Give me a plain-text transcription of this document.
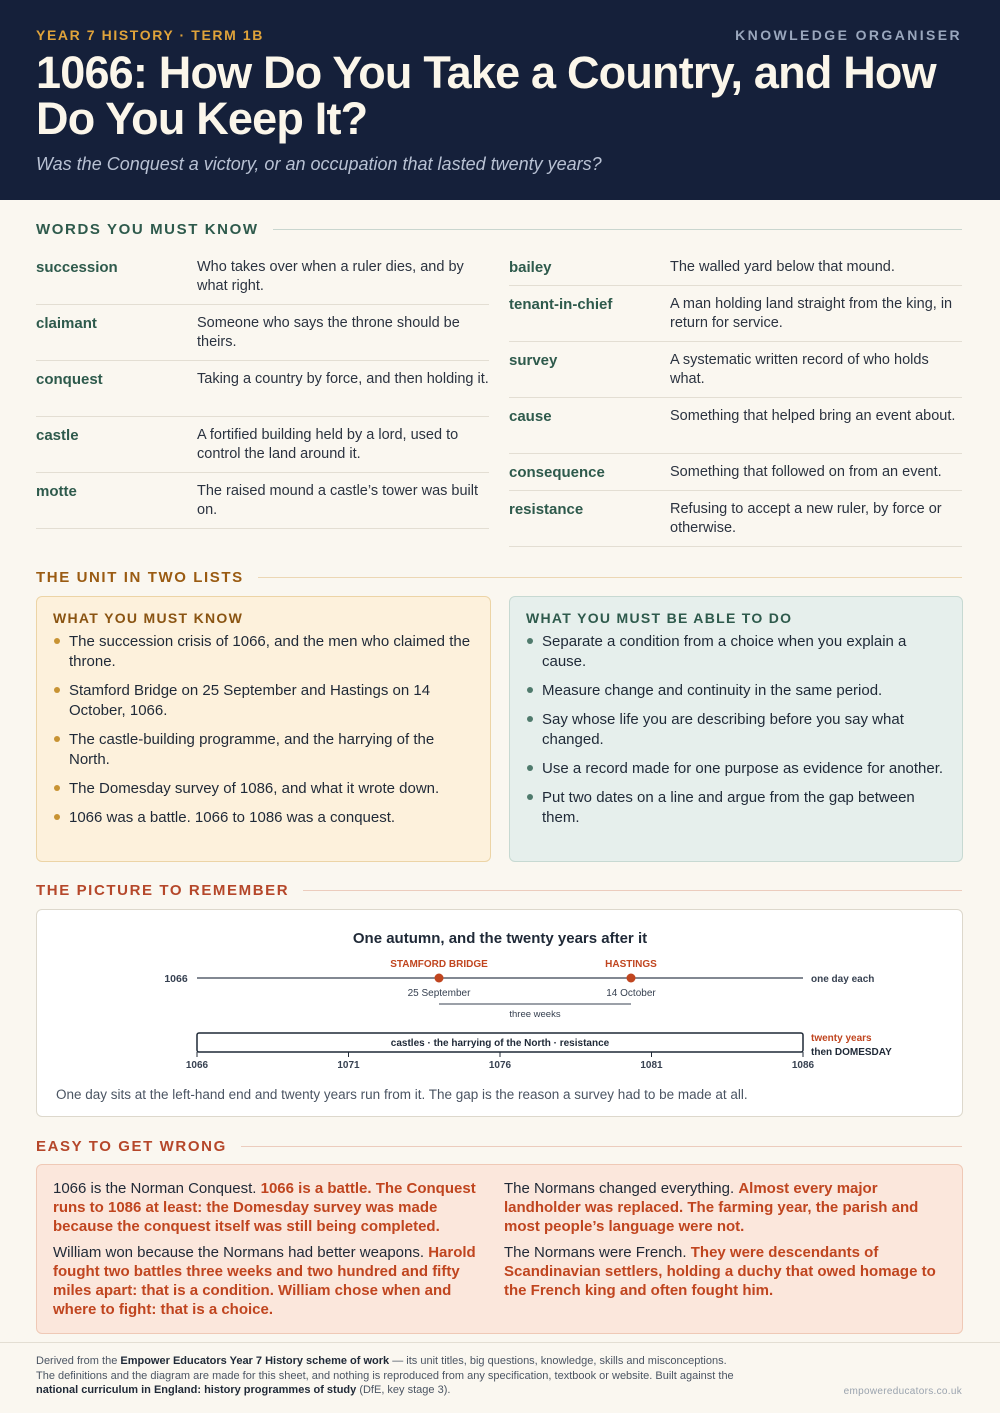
YEAR 7 HISTORY · TERM 1B	KNOWLEDGE ORGANISER
1066: How Do You Take a Country, and How Do You Keep It?
Was the Conquest a victory, or an occupation that lasted twenty years?
WORDS YOU MUST KNOW
succession	Who takes over when a ruler dies, and by what right.
claimant	Someone who says the throne should be theirs.
conquest	Taking a country by force, and then holding it.
castle	A fortified building held by a lord, used to control the land around it.
motte	The raised mound a castle’s tower was built on.
bailey	The walled yard below that mound.
tenant-in-chief	A man holding land straight from the king, in return for service.
survey	A systematic written record of who holds what.
cause	Something that helped bring an event about.
consequence	Something that followed on from an event.
resistance	Refusing to accept a new ruler, by force or otherwise.
THE UNIT IN TWO LISTS
WHAT YOU MUST KNOW
The succession crisis of 1066, and the men who claimed the throne.
Stamford Bridge on 25 September and Hastings on 14 October, 1066.
The castle-building programme, and the harrying of the North.
The Domesday survey of 1086, and what it wrote down.
1066 was a battle. 1066 to 1086 was a conquest.
WHAT YOU MUST BE ABLE TO DO
Separate a condition from a choice when you explain a cause.
Measure change and continuity in the same period.
Say whose life you are describing before you say what changed.
Use a record made for one purpose as evidence for another.
Put two dates on a line and argue from the gap between them.
THE PICTURE TO REMEMBER
One autumn, and the twenty years after it
1066	one day each
STAMFORD BRIDGE
25 September
HASTINGS
14 October
three weeks
castles · the harrying of the North · resistance	twenty years
then DOMESDAY
1066	1071	1076	1081	1086
One day sits at the left-hand end and twenty years run from it. The gap is the reason a survey had to be made at all.
EASY TO GET WRONG

1066 is the Norman Conquest. 1066 is a battle. The Conquest runs to 1086 at least: the Domesday survey was made because the conquest itself was still being completed.

William won because the Normans had better weapons. Harold fought two battles three weeks and two hundred and fifty miles apart: that is a condition. William chose when and where to fight: that is a choice.

The Normans changed everything. Almost every major landholder was replaced. The farming year, the parish and most people’s language were not.

The Normans were French. They were descendants of Scandinavian settlers, holding a duchy that owed homage to the French king and often fought him.

Derived from the Empower Educators Year 7 History scheme of work — its unit titles, big questions, knowledge, skills and misconceptions.
The definitions and the diagram are made for this sheet, and nothing is reproduced from any specification, textbook or website. Built against the national curriculum in England: history programmes of study (DfE, key stage 3).	empowereducators.co.uk
